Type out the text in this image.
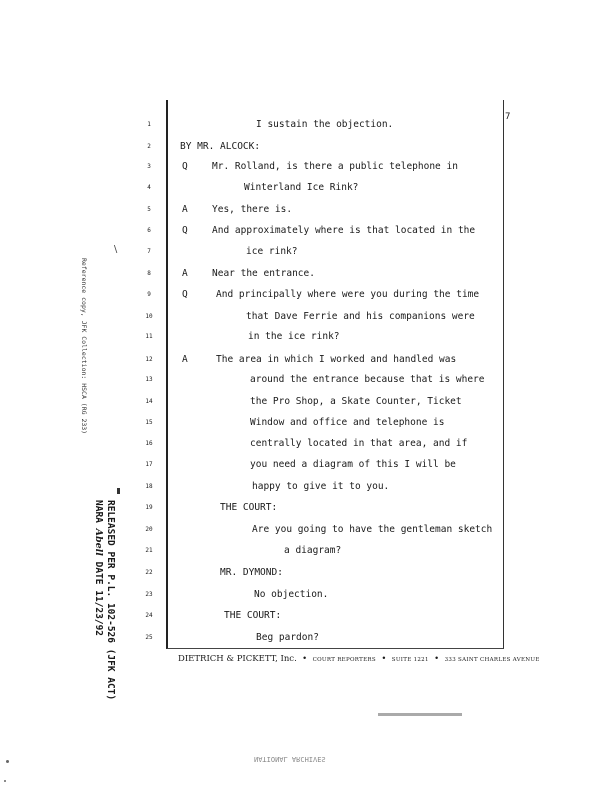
7
1	I sustain the objection.
2	BY MR. ALCOCK:
3	Q	Mr. Rolland, is there a public telephone in
4	Winterland Ice Rink?
5	A	Yes, there is.
6	Q	And approximately where is that located in the
7	ice rink?
8	A	Near the entrance.
9	Q	And principally where were you during the time
10	that Dave Ferrie and his companions were
11	in the ice rink?
12	A	The area in which I worked and handled was
13	around the entrance because that is where
14	the Pro Shop, a Skate Counter, Ticket
15	Window and office and telephone is
16	centrally located in that area, and if
17	you need a diagram of this I will be
18	happy to give it to you.
19	THE COURT:
20	Are you going to have the gentleman sketch
21	a diagram?
22	MR. DYMOND:
23	No objection.
24	THE COURT:
25	Beg pardon?
DIETRICH & PICKETT, Inc.  •  COURT REPORTERS  •  SUITE 1221  •  333 SAINT CHARLES AVENUE
Reference copy, JFK Collection: HSCA (RG 233)
RELEASED PER P.L. 102-526 (JFK ACT)
NARA Abell DATE 11/23/92
∖
NATIONAL ARCHIVES
